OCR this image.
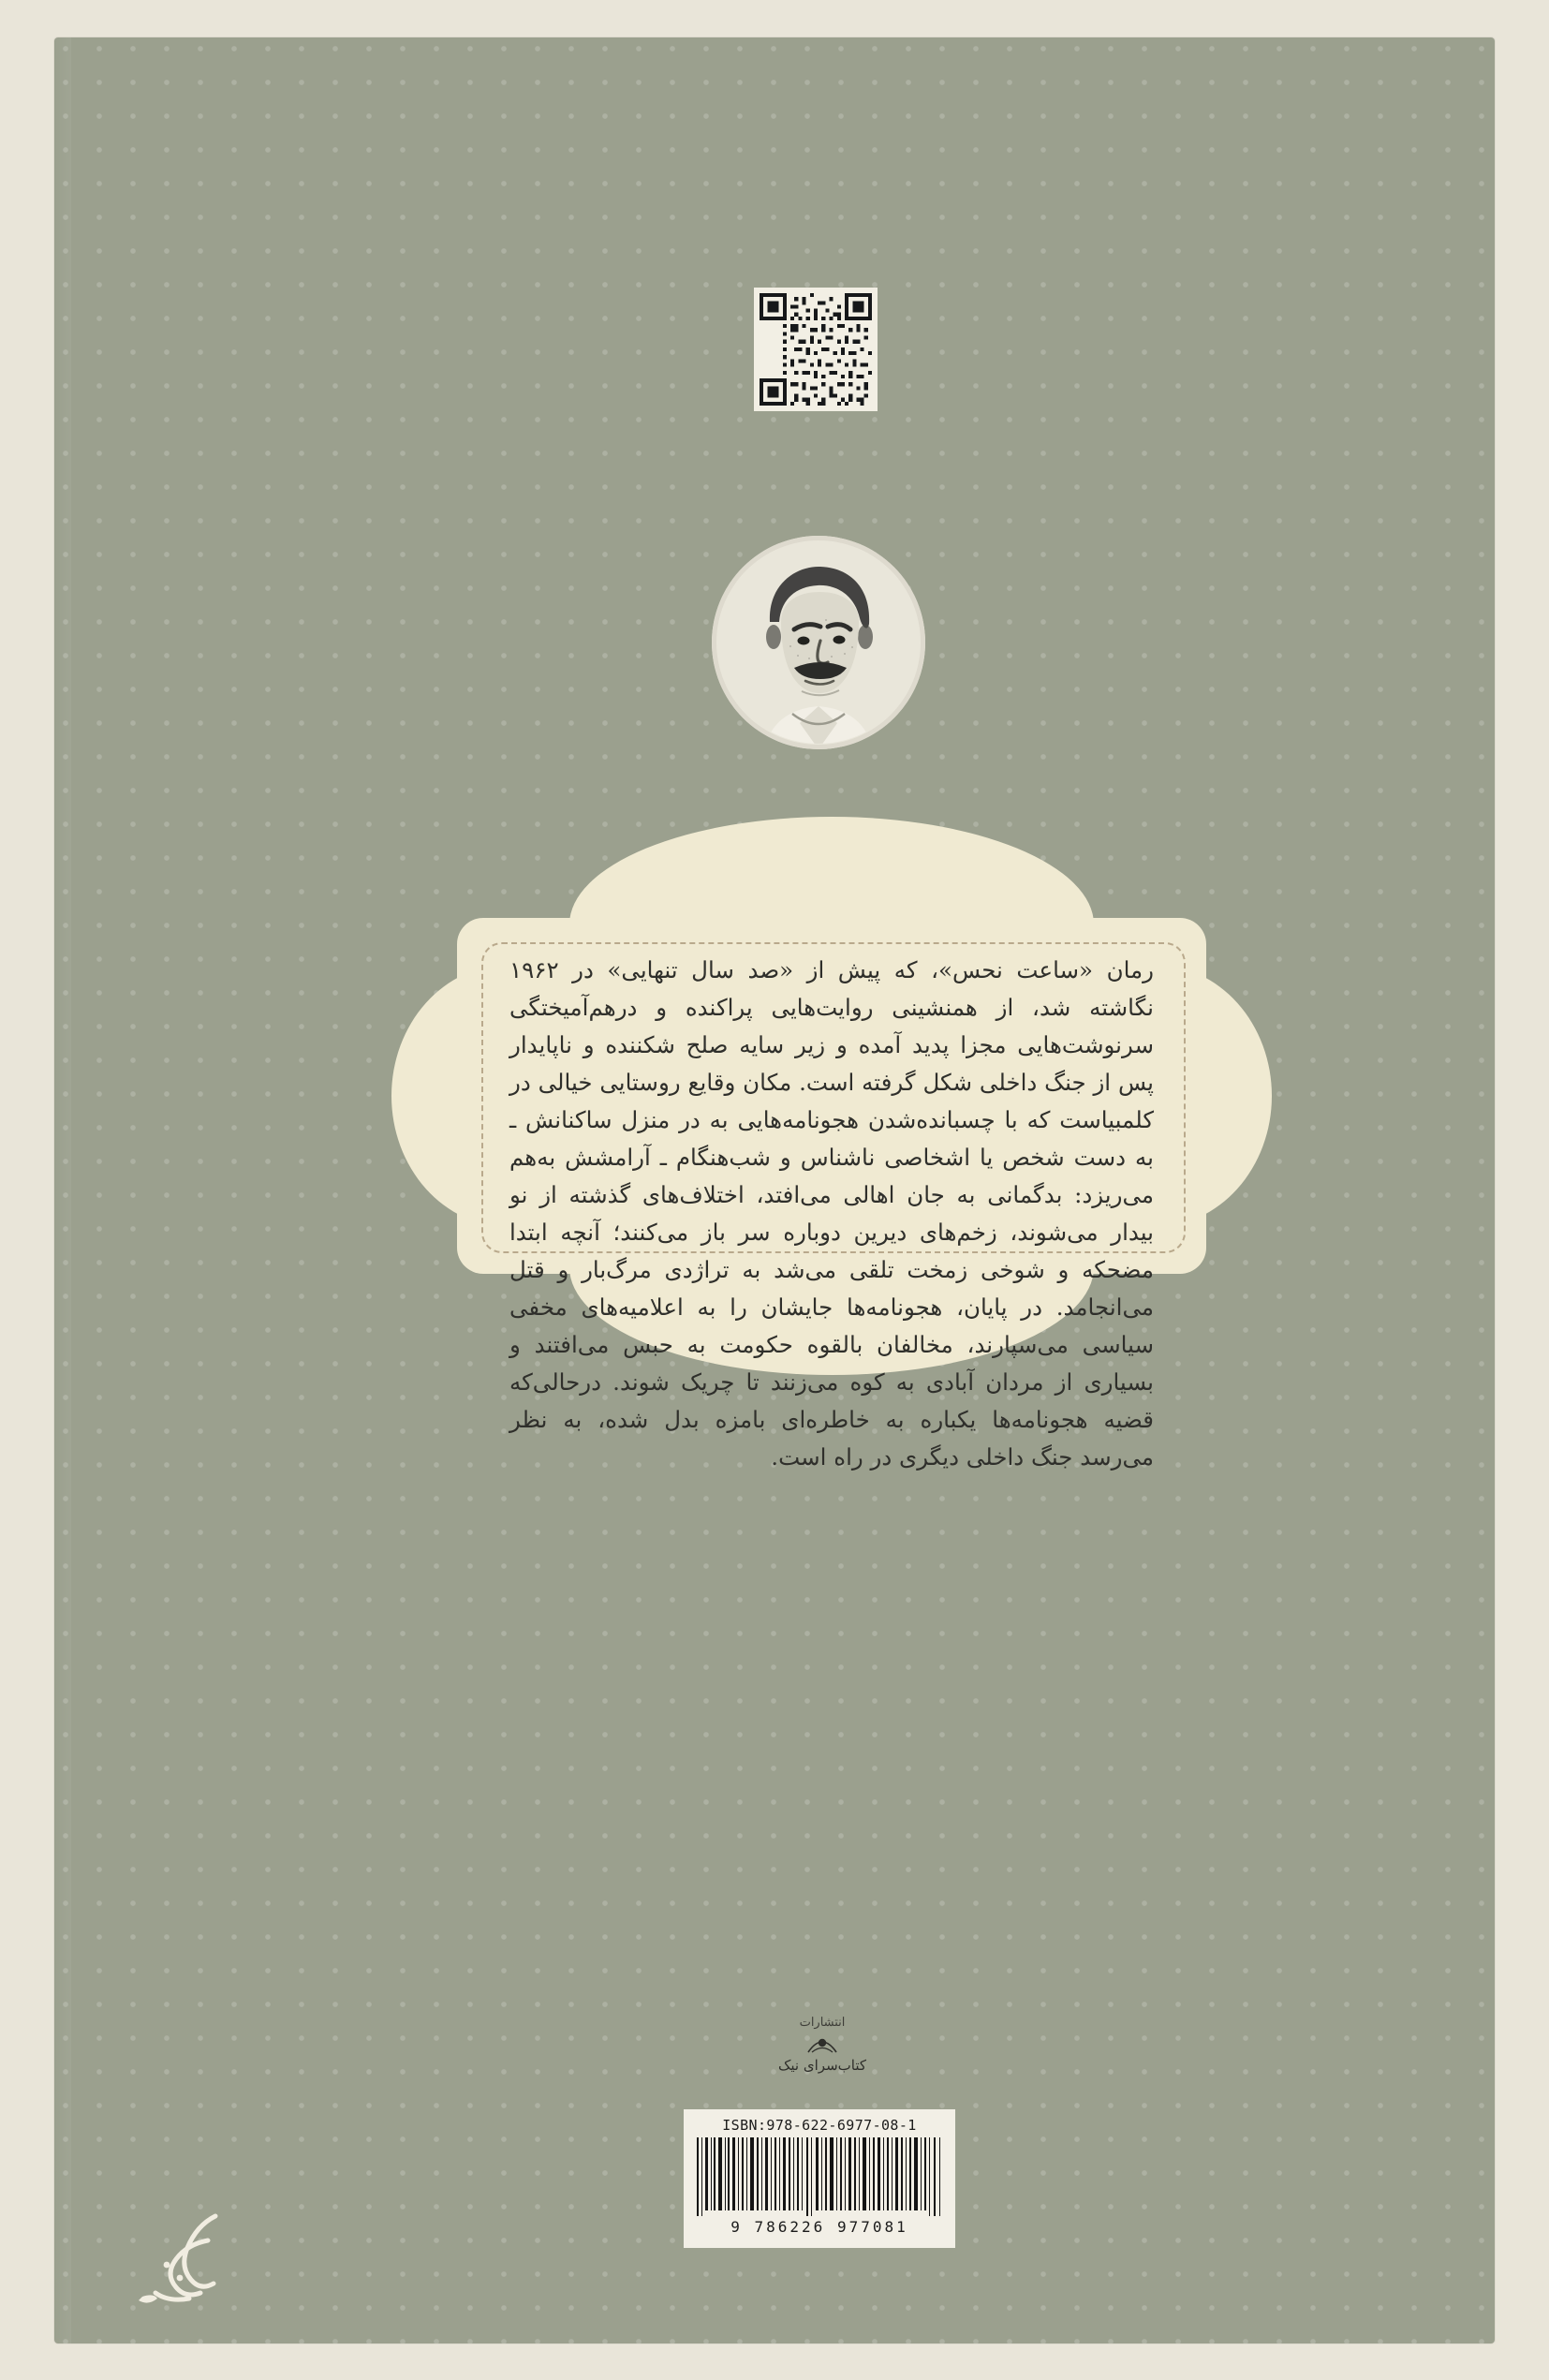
رمان «ساعت نحس»، که پیش از «صد سال تنهایی» در ۱۹۶۲ نگاشته شد، از همنشینی روایت‌هایی پراکنده و درهم‌آمیختگی سرنوشت‌هایی مجزا پدید آمده و زیر سایه صلح شکننده و ناپایدار پس از جنگ داخلی شکل گرفته است. مکان وقایع روستایی خیالی در کلمبیاست که با چسبانده‌شدن هجونامه‌هایی به در منزل ساکنانش ـ به دست شخص یا اشخاصی ناشناس و شب‌هنگام ـ آرامشش به‌هم می‌ریزد: بدگمانی به جان اهالی می‌افتد، اختلاف‌های گذشته از نو بیدار می‌شوند، زخم‌های دیرین دوباره سر باز می‌کنند؛ آنچه ابتدا مضحکه و شوخی زمخت تلقی می‌شد به تراژدی مرگ‌بار و قتل می‌انجامد. در پایان، هجونامه‌ها جایشان را به اعلامیه‌های مخفی سیاسی می‌سپارند، مخالفان بالقوه حکومت به حبس می‌افتند و بسیاری از مردان آبادی به کوه می‌زنند تا چریک شوند. درحالی‌که قضیه هجونامه‌ها یکباره به خاطره‌ای بامزه بدل شده، به نظر می‌رسد جنگ داخلی دیگری در راه است.
انتشارات
کتاب‌سرای نیک
ISBN:978-622-6977-08-1
9 786226 977081
